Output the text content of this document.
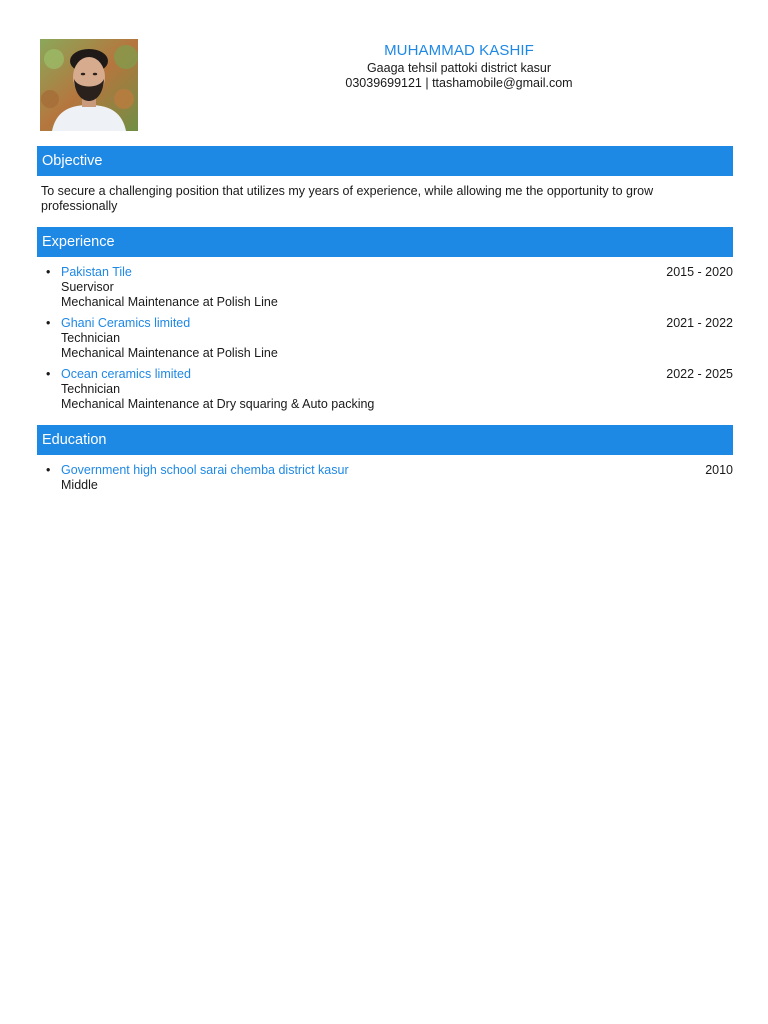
MUHAMMAD KASHIF
Gaaga tehsil pattoki district kasur
03039699121 | ttashamobile@gmail.com
Objective
To secure a challenging position that utilizes my years of experience, while allowing me the opportunity to grow professionally
Experience
• Pakistan Tile
Suervisor
Mechanical Maintenance at Polish Line
2015 - 2020
• Ghani Ceramics limited
Technician
Mechanical Maintenance at Polish Line
2021 - 2022
• Ocean ceramics limited
Technician
Mechanical Maintenance at Dry squaring & Auto packing
2022 - 2025
Education
• Government high school sarai chemba district kasur
Middle
2010
